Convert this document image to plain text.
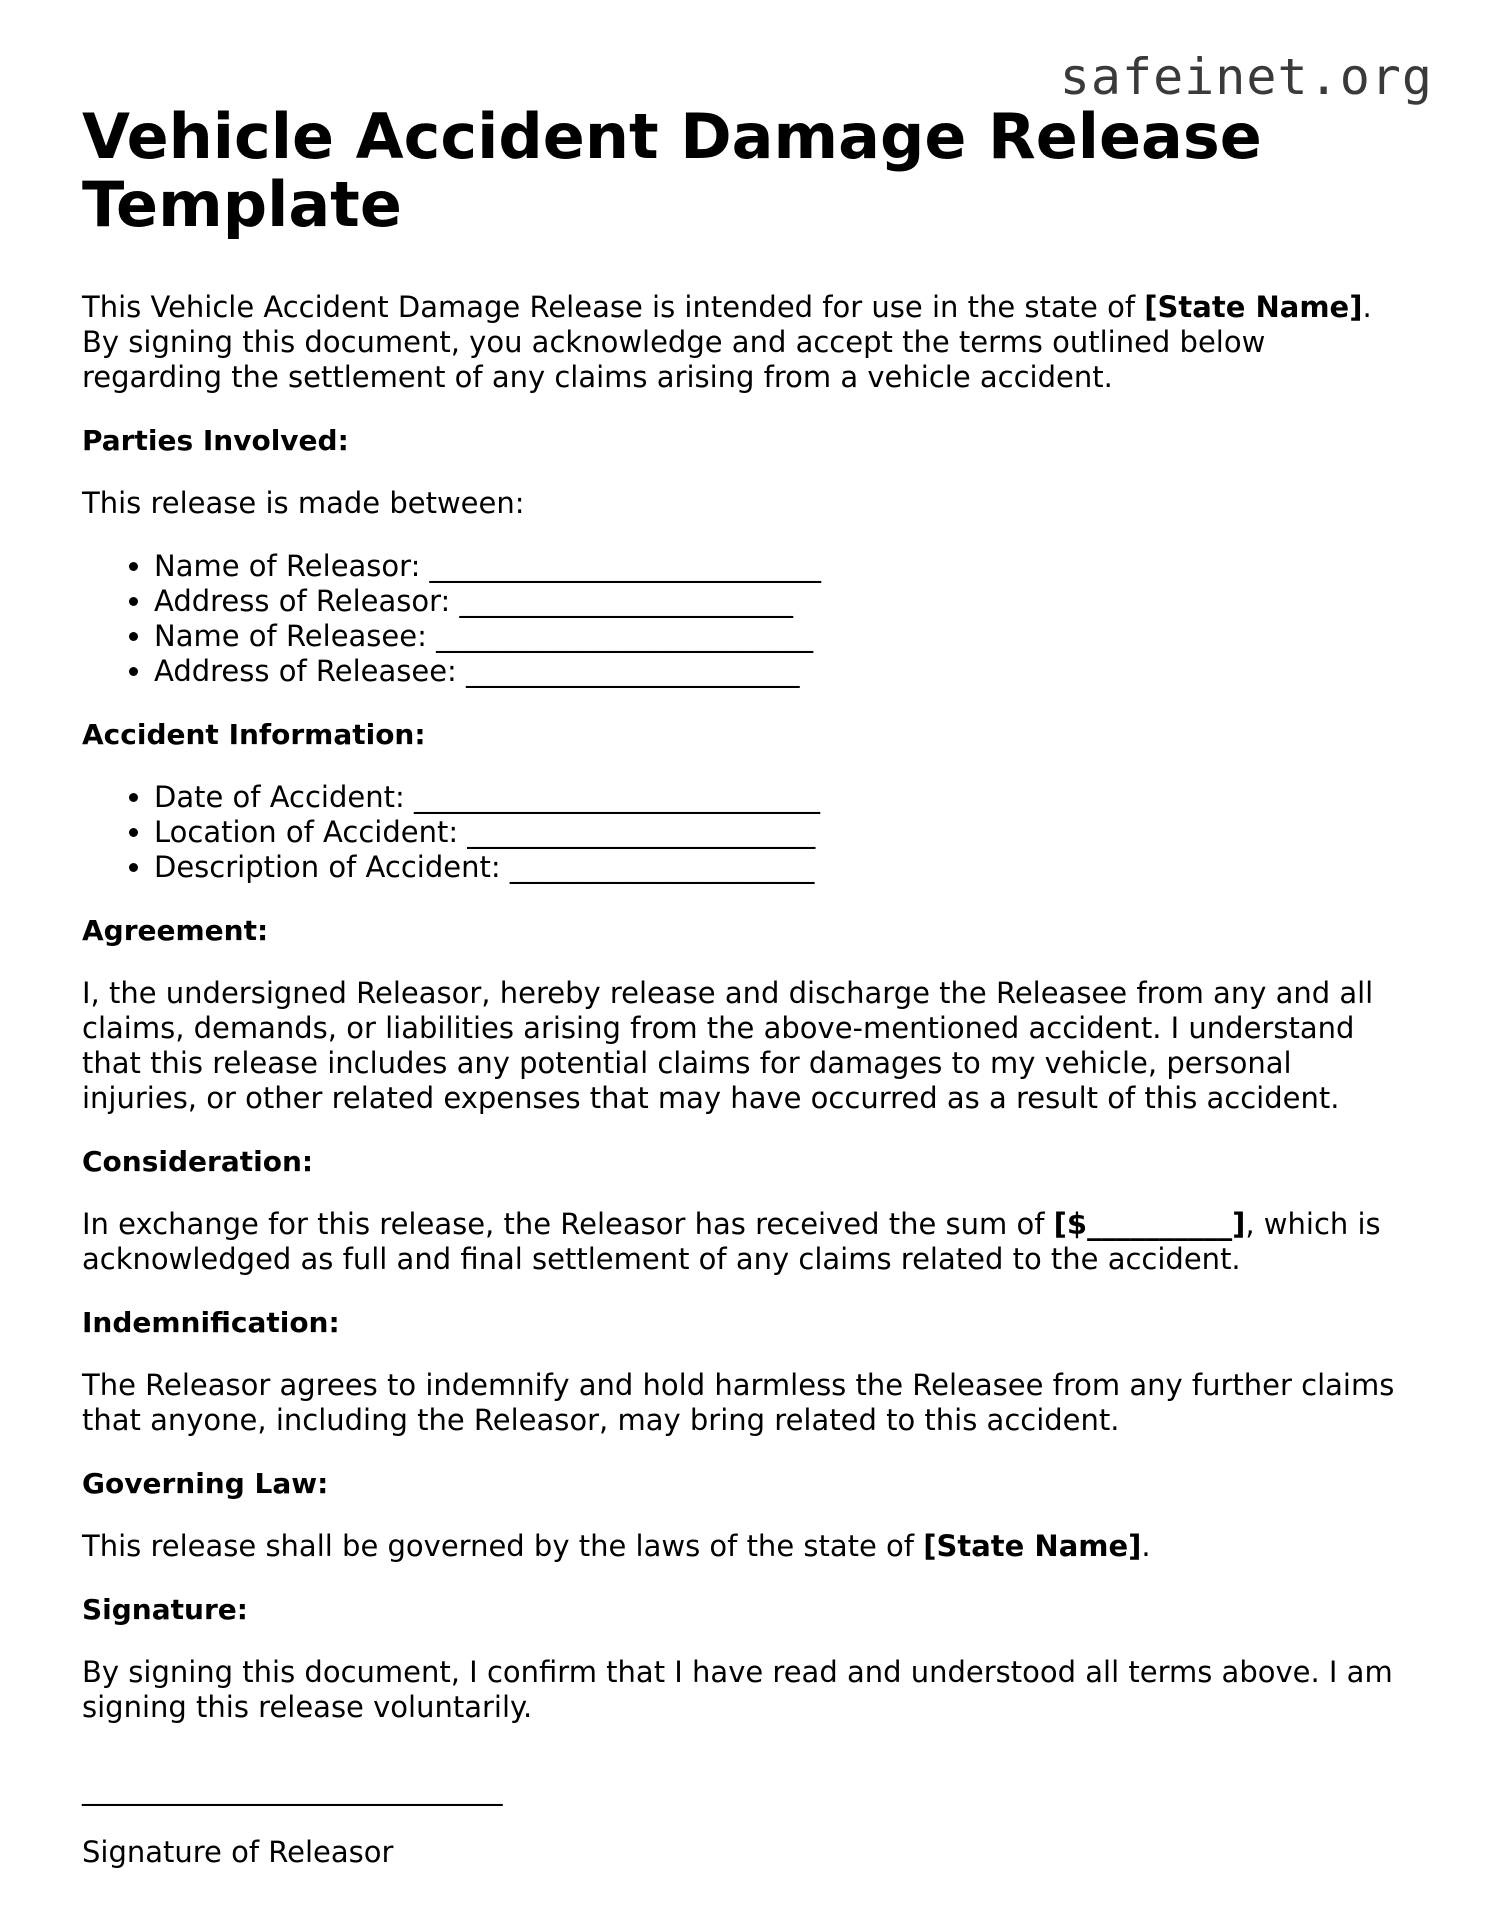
safeinet.org
Vehicle Accident Damage Release Template

This Vehicle Accident Damage Release is intended for use in the state of [State Name]. By signing this document, you acknowledge and accept the terms outlined below regarding the settlement of any claims arising from a vehicle accident.

Parties Involved:

This release is made between:

• Name of Releasor: ___________________________
• Address of Releasor: _______________________
• Name of Releasee: __________________________
• Address of Releasee: _______________________

Accident Information:

• Date of Accident: ____________________________
• Location of Accident: ________________________
• Description of Accident: _____________________

Agreement:

I, the undersigned Releasor, hereby release and discharge the Releasee from any and all claims, demands, or liabilities arising from the above-mentioned accident. I understand that this release includes any potential claims for damages to my vehicle, personal injuries, or other related expenses that may have occurred as a result of this accident.

Consideration:

In exchange for this release, the Releasor has received the sum of [$__________], which is acknowledged as full and final settlement of any claims related to the accident.

Indemnification:

The Releasor agrees to indemnify and hold harmless the Releasee from any further claims that anyone, including the Releasor, may bring related to this accident.

Governing Law:

This release shall be governed by the laws of the state of [State Name].

Signature:

By signing this document, I confirm that I have read and understood all terms above. I am signing this release voluntarily.

_____________________________

Signature of Releasor
